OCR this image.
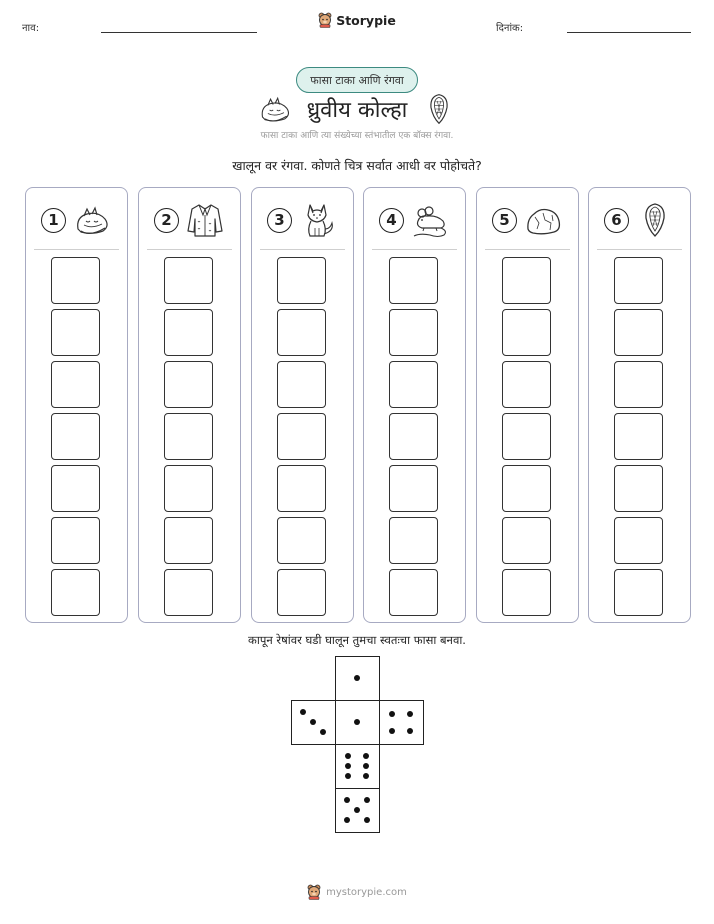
नाव:
Storypie
दिनांक:
फासा टाका आणि रंगवा
ध्रुवीय कोल्हा
फासा टाका आणि त्या संख्येच्या स्तंभातील एक बॉक्स रंगवा.
खालून वर रंगवा. कोणते चित्र सर्वात आधी वर पोहोचते?
1	2	3	4	5	6
कापून रेषांवर घडी घालून तुमचा स्वतःचा फासा बनवा.
mystorypie.com
